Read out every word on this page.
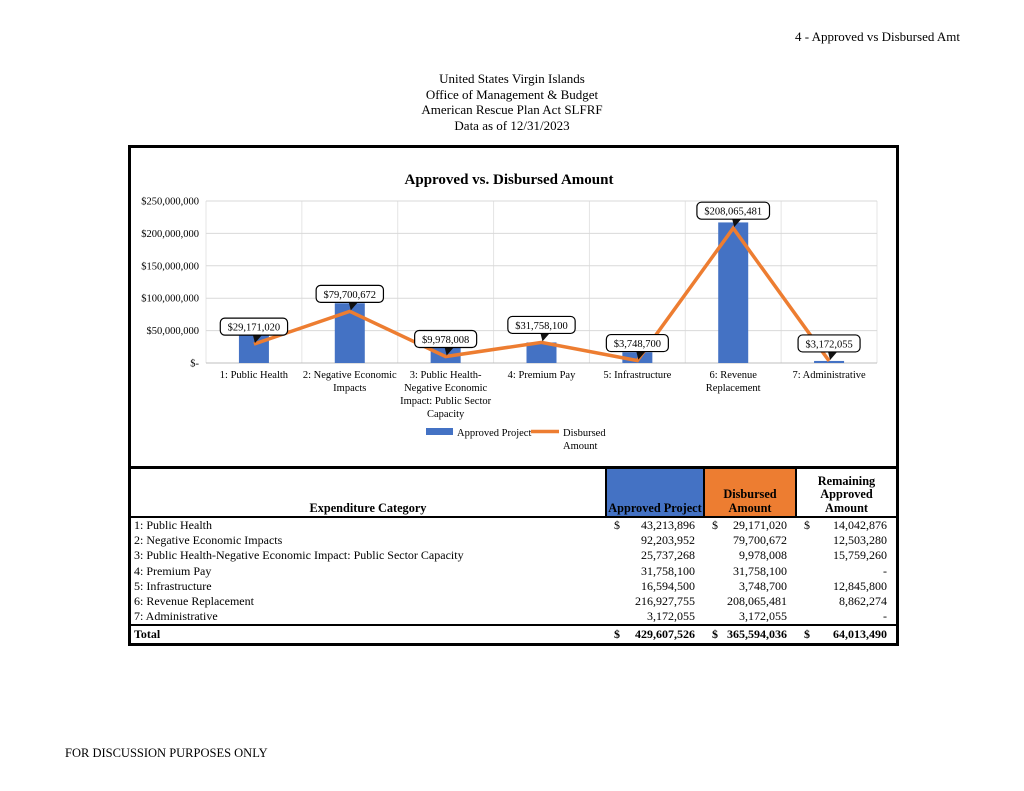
4 - Approved vs Disbursed Amt
United States Virgin Islands
Office of Management & Budget
American Rescue Plan Act SLFRF
Data as of 12/31/2023
$250,000,000
$200,000,000
$150,000,000
$100,000,000
$50,000,000
$-
$29,171,020
$79,700,672
$9,978,008
$31,758,100
$3,748,700
$208,065,481
$3,172,055
1: Public Health 2: Negative Economic Impacts
3: Public Health-Negative Economic Impact: Public Sector Capacity
4: Premium Pay	5: Infrastructure	6: Revenue Replacement
7: Administrative
Approved vs. Disbursed Amount
Approved Project	Disbursed
Amount
Expenditure Category	Approved Project	Disbursed Amount	Remaining Approved Amount
1: Public Health	$ 43,213,896	$ 29,171,020	$ 14,042,876

2: Negative Economic Impacts	92,203,952	79,700,672	12,503,280

3: Public Health-Negative Economic Impact: Public Sector Capacity	25,737,268	9,978,008	15,759,260

4: Premium Pay	31,758,100	31,758,100	-

5: Infrastructure	16,594,500	3,748,700	12,845,800

6: Revenue Replacement	216,927,755	208,065,481	8,862,274

7: Administrative	3,172,055	3,172,055	-

Total	$ 429,607,526	$ 365,594,036	$ 64,013,490
FOR DISCUSSION PURPOSES ONLY
